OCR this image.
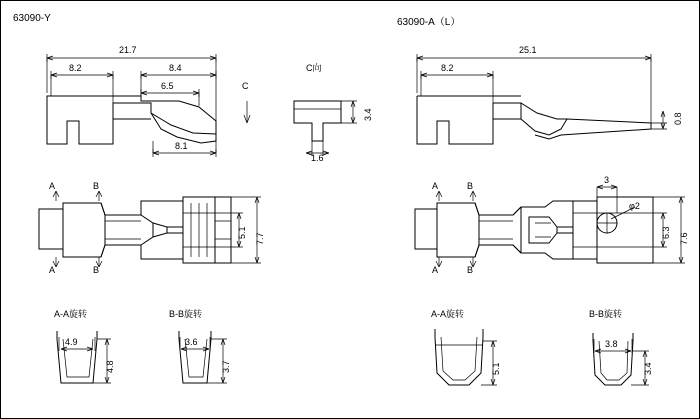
63090-Y	63090-A（L）
21.7
8.2	8.4
6.5
8.1
C向
C
3.4
1.6
A
A
B
B
5.1 7.7
A-A旋转
4.9
4.8
B-B旋转
3.6
3.7
25.1
8.2
0.8
A
A
B
B
3
φ2
6.3 7.6
A-A旋转
5.1
B-B旋转
3.8
3.4
